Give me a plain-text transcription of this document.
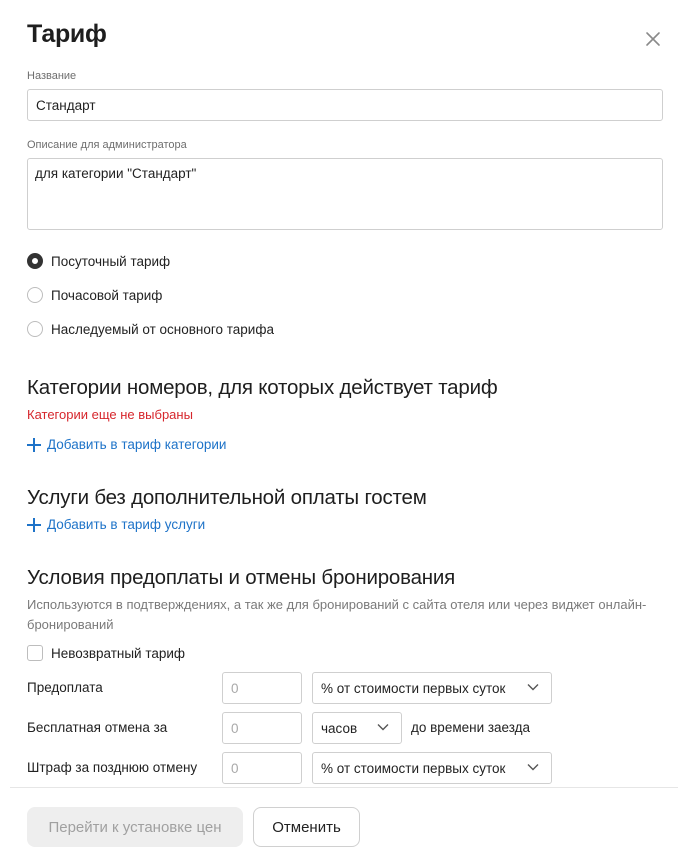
Тариф
Название
Стандарт
Описание для администратора
для категории "Стандарт"
Посуточный тариф
Почасовой тариф
Наследуемый от основного тарифа
Категории номеров, для которых действует тариф
Категории еще не выбраны
Добавить в тариф категории
Услуги без дополнительной оплаты гостем
Добавить в тариф услуги
Условия предоплаты и отмены бронирования
Используются в подтверждениях, а так же для бронирований с сайта отеля или через виджет онлайн-бронирований
Невозвратный тариф
Предоплата
0	% от стоимости первых суток
Бесплатная отмена за
0	часов	до времени заезда
Штраф за позднюю отмену
0	% от стоимости первых суток
Перейти к установке цен	Отменить
